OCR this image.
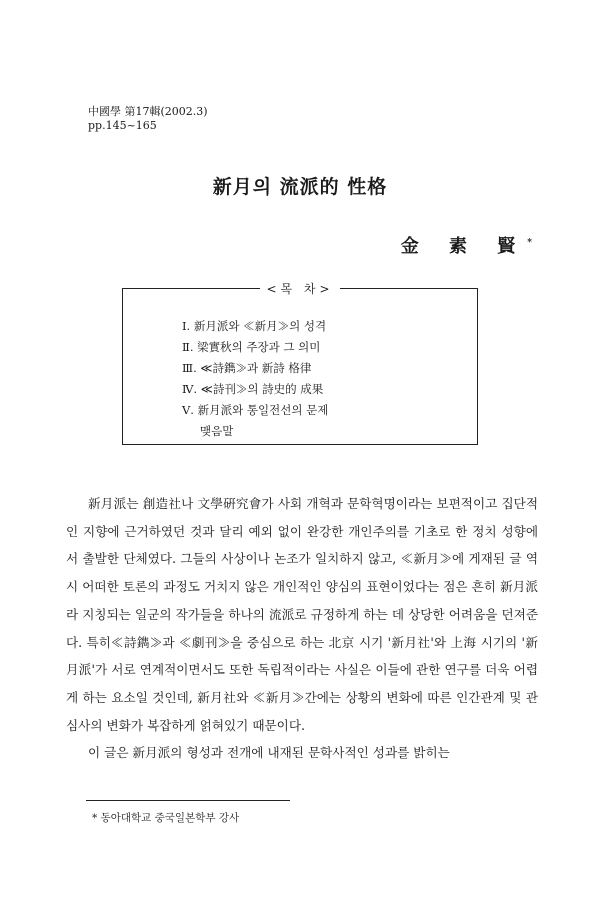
中國學 第17輯(2002.3)
pp.145~165
新月의 流派的 性格
金 素 賢*
<목 차>
Ⅰ. 新月派와 ≪新月≫의 성격
Ⅱ. 梁實秋의 주장과 그 의미
Ⅲ. ≪詩鐫≫과 新詩 格律
Ⅳ. ≪詩刊≫의 詩史的 成果
Ⅴ. 新月派와 통일전선의 문제
맺음말

新月派는 創造社나 文學硏究會가 사회 개혁과 문학혁명이라는 보편적이고 집단적인 지향에 근거하였던 것과 달리 예외 없이 완강한 개인주의를 기초로 한 정치 성향에서 출발한 단체였다. 그들의 사상이나 논조가 일치하지 않고, ≪新月≫에 게재된 글 역시 어떠한 토론의 과정도 거치지 않은 개인적인 양심의 표현이었다는 점은 흔히 新月派라 지칭되는 일군의 작가들을 하나의 流派로 규정하게 하는 데 상당한 어려움을 던져준다. 특히≪詩鐫≫과 ≪劇刊≫을 중심으로 하는 北京 시기 '新月社'와 上海 시기의 '新月派'가 서로 연계적이면서도 또한 독립적이라는 사실은 이들에 관한 연구를 더욱 어렵게 하는 요소일 것인데, 新月社와 ≪新月≫간에는 상황의 변화에 따른 인간관계 및 관심사의 변화가 복잡하게 얽혀있기 때문이다.

이 글은 新月派의 형성과 전개에 내재된 문학사적인 성과를 밝히는

* 동아대학교 중국일본학부 강사
